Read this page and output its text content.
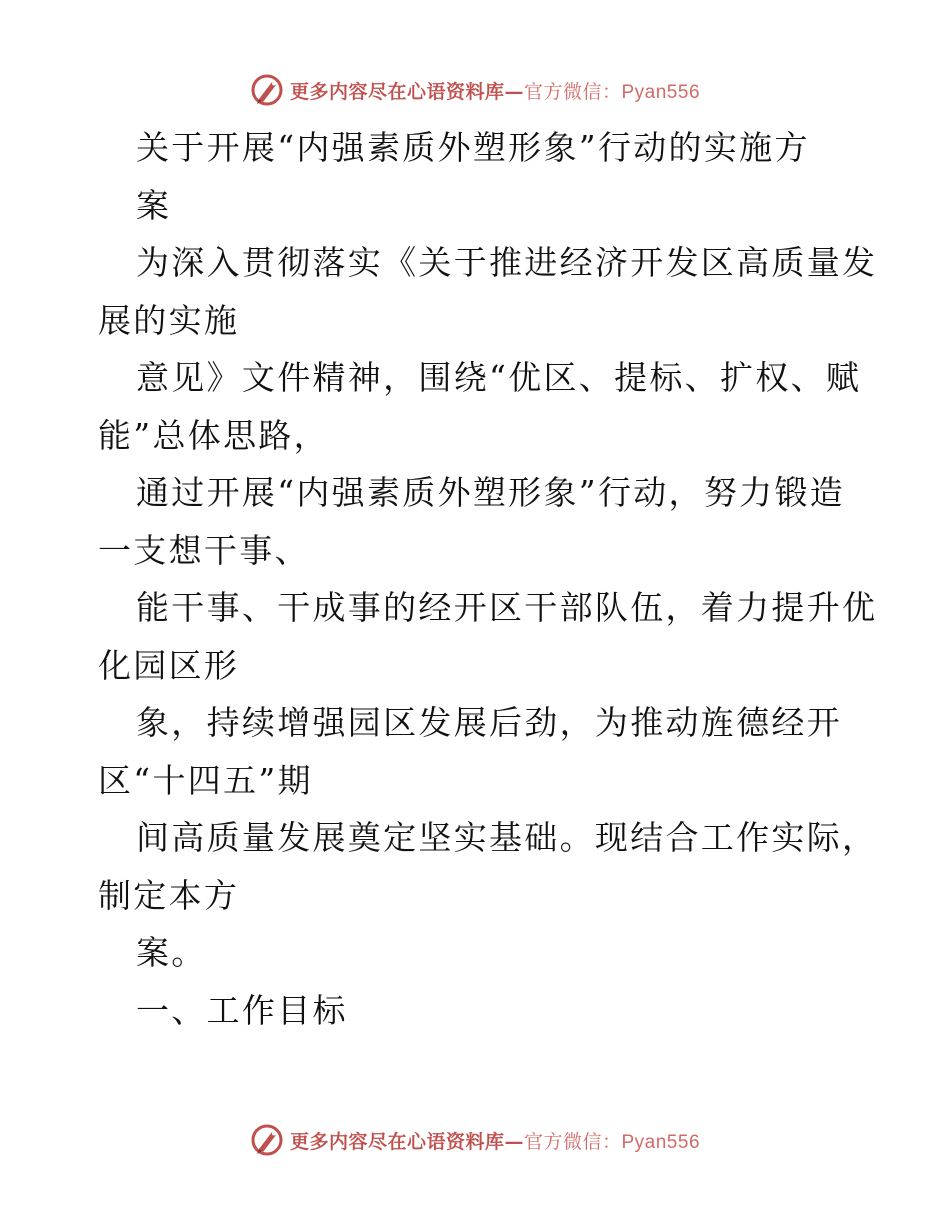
更多内容尽在心语资料库—官方微信：Pyan556
关于开展“内强素质外塑形象”行动的实施方
案
为深入贯彻落实《关于推进经济开发区高质量发
展的实施
意见》文件精神，围绕“优区、提标、扩权、赋
能”总体思路，
通过开展“内强素质外塑形象”行动，努力锻造
一支想干事、
能干事、干成事的经开区干部队伍，着力提升优
化园区形
象，持续增强园区发展后劲，为推动旌德经开
区“十四五”期
间高质量发展奠定坚实基础。现结合工作实际，
制定本方
案。
一、工作目标
更多内容尽在心语资料库—官方微信：Pyan556
